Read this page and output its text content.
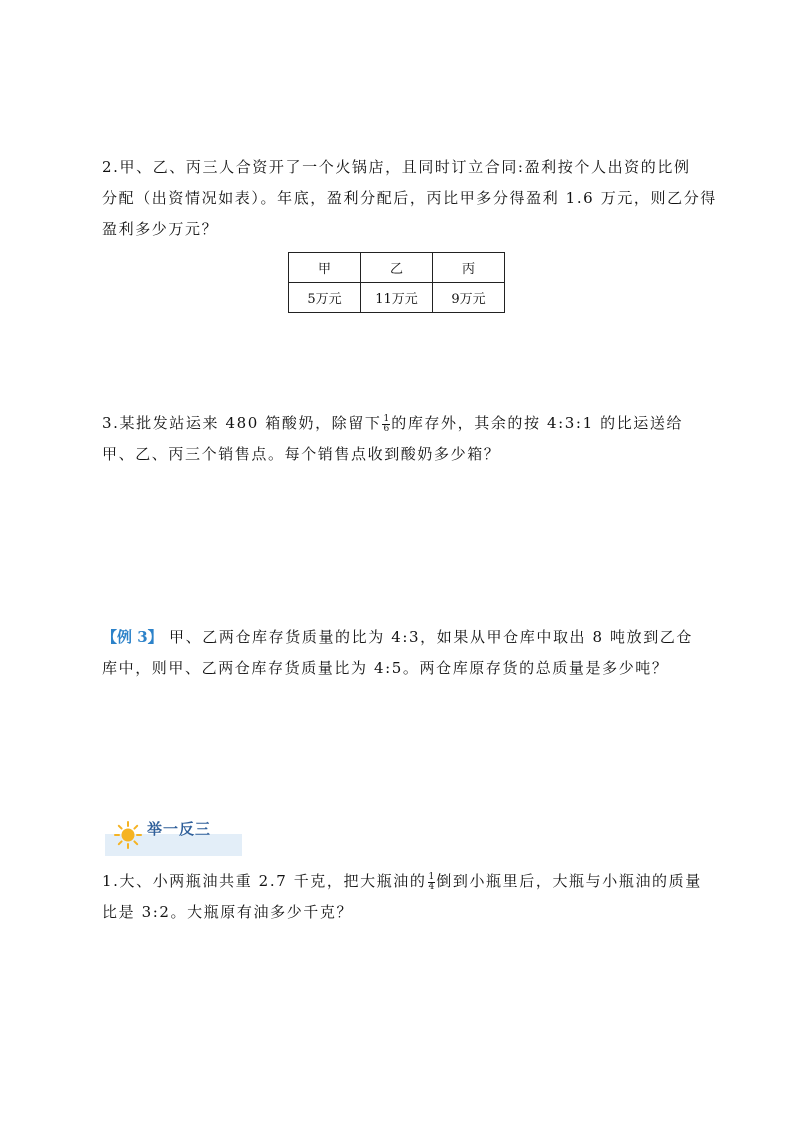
2.甲、乙、丙三人合资开了一个火锅店，且同时订立合同:盈利按个人出资的比例
分配（出资情况如表）。年底，盈利分配后，丙比甲多分得盈利 1.6 万元，则乙分得
盈利多少万元？
甲	乙	丙
5万元	11万元	9万元
3.某批发站运来 480 箱酸奶，除留下 $\frac{1}{6}$ 的库存外，其余的按 4:3:1 的比运送给
甲、乙、丙三个销售点。每个销售点收到酸奶多少箱？
【例 3】 甲、乙两仓库存货质量的比为 4:3，如果从甲仓库中取出 8 吨放到乙仓
库中，则甲、乙两仓库存货质量比为 4:5。两仓库原存货的总质量是多少吨？
举一反三
1.大、小两瓶油共重 2.7 千克，把大瓶油的 $\frac{1}{4}$ 倒到小瓶里后，大瓶与小瓶油的质量
比是 3:2。大瓶原有油多少千克？
